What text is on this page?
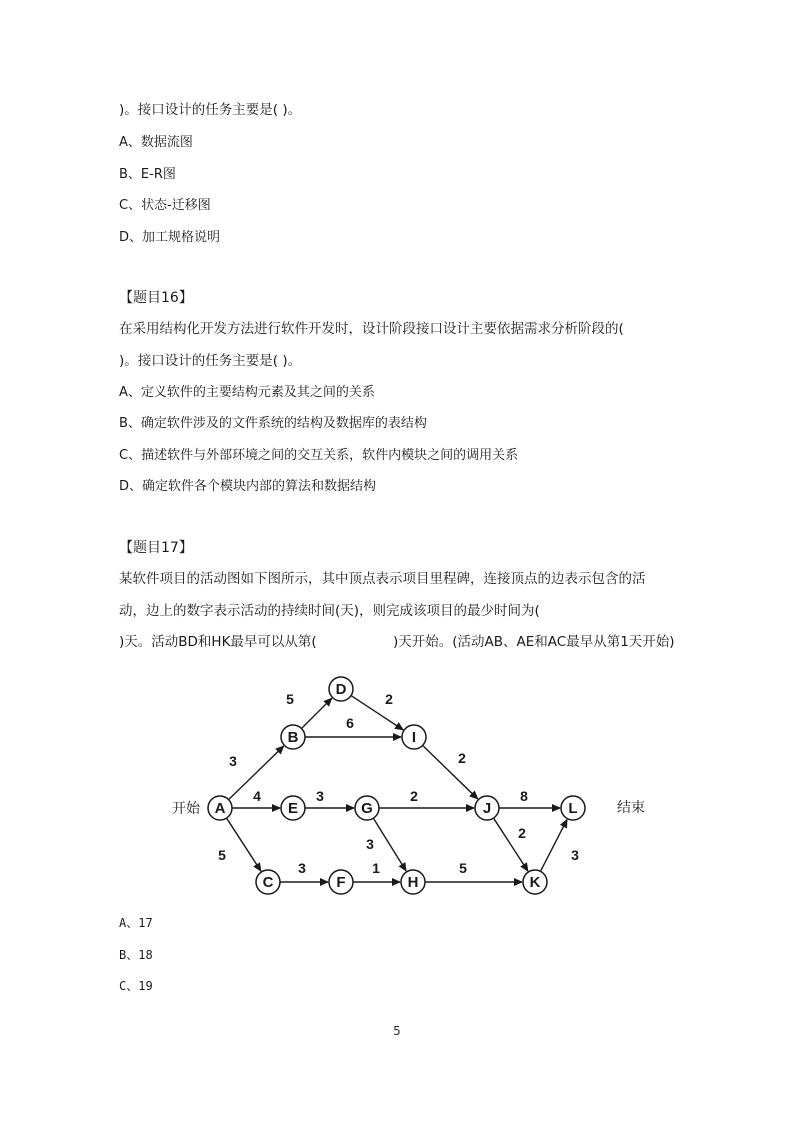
)。接口设计的任务主要是( )。
A、数据流图
B、E-R图
C、状态-迁移图
D、加工规格说明
【题目16】
在采用结构化开发方法进行软件开发时，设计阶段接口设计主要依据需求分析阶段的(
)。接口设计的任务主要是( )。
A、定义软件的主要结构元素及其之间的关系
B、确定软件涉及的文件系统的结构及数据库的表结构
C、描述软件与外部环境之间的交互关系，软件内模块之间的调用关系
D、确定软件各个模块内部的算法和数据结构
【题目17】
某软件项目的活动图如下图所示，其中顶点表示项目里程碑，连接顶点的边表示包含的活
动，边上的数字表示活动的持续时间(天)，则完成该项目的最少时间为(
)天。活动BD和HK最早可以从第(	)天开始。(活动AB、AE和AC最早从第1天开始)
3
4
5
5
6
2
3	2
3
3	1	5
2
8
2
3
A
B
C
D
E
F
G
H
I
J
K
L
开始	结束
A、17
B、18
C、19
5
